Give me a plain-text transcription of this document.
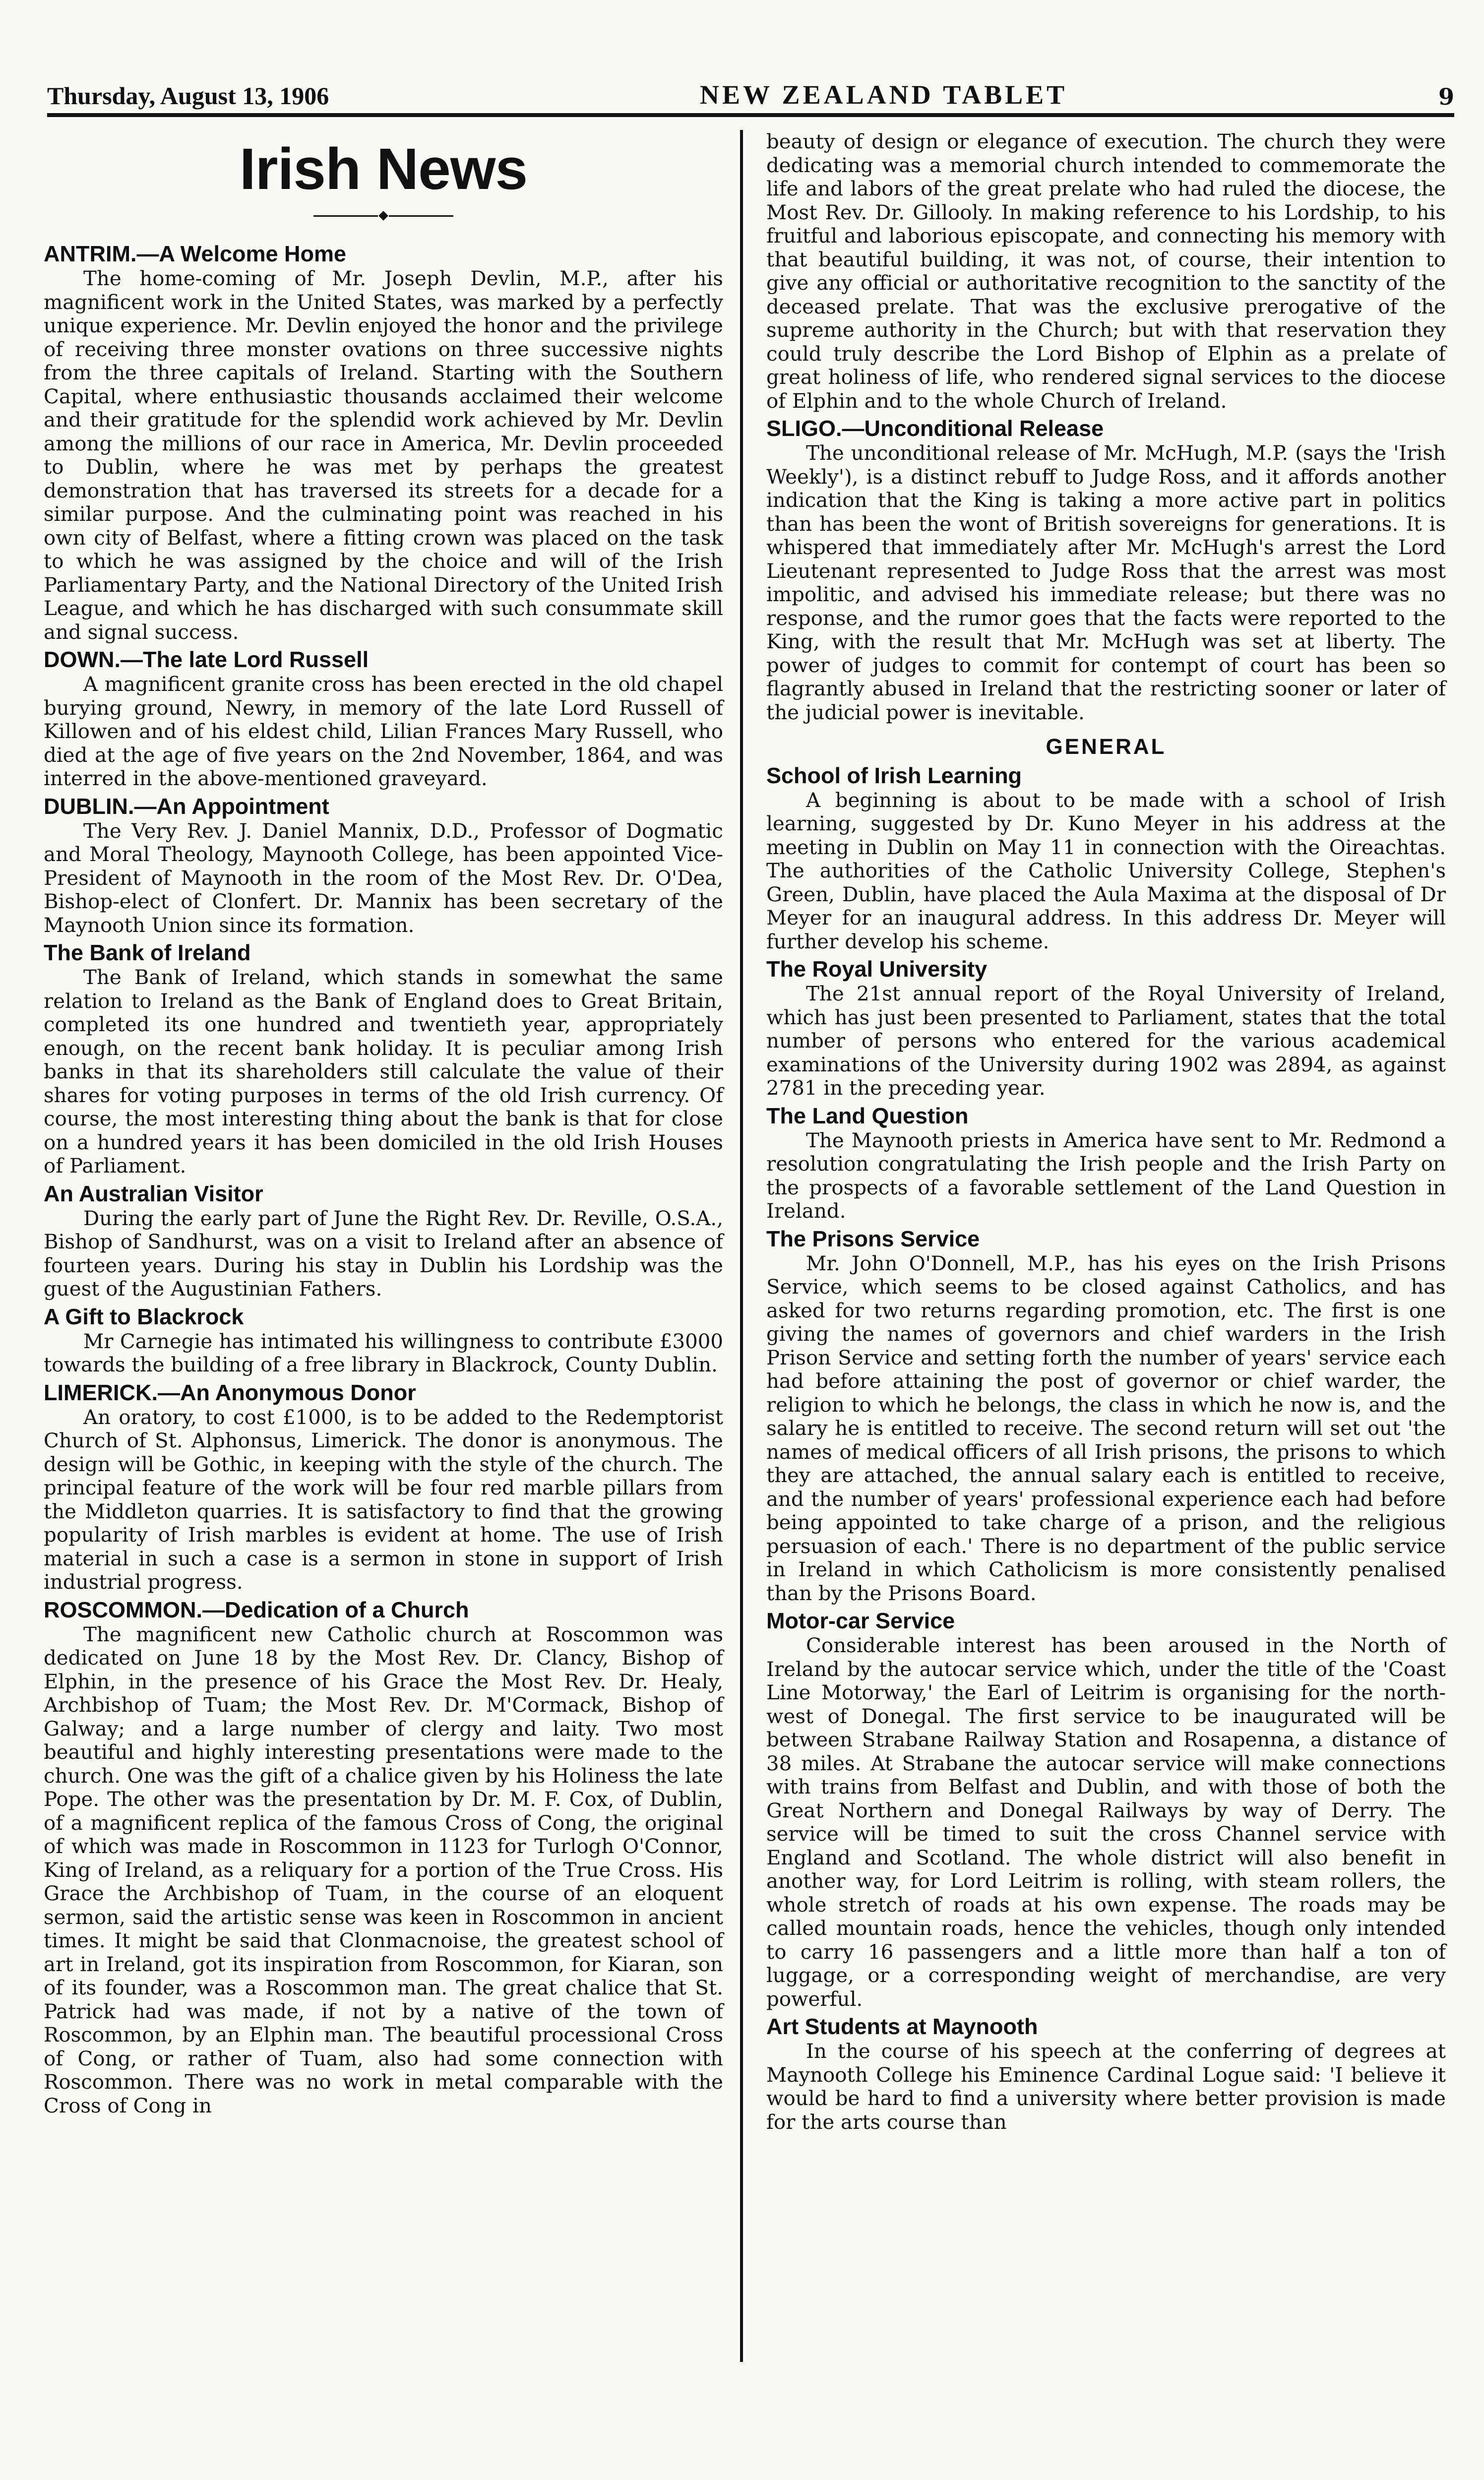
Thursday, August 13, 1906	NEW ZEALAND TABLET	9
Irish News
ANTRIM.—A Welcome Home

The home-coming of Mr. Joseph Devlin, M.P., after his magnificent work in the United States, was marked by a perfectly unique experience. Mr. Devlin enjoyed the honor and the privilege of receiving three monster ovations on three successive nights from the three capitals of Ireland. Starting with the Southern Capital, where enthusiastic thousands acclaimed their welcome and their gratitude for the splendid work achieved by Mr. Devlin among the millions of our race in America, Mr. Devlin proceeded to Dublin, where he was met by perhaps the greatest demonstration that has traversed its streets for a decade for a similar purpose. And the culminating point was reached in his own city of Belfast, where a fitting crown was placed on the task to which he was assigned by the choice and will of the Irish Parliamentary Party, and the National Directory of the United Irish League, and which he has discharged with such consummate skill and signal success.

DOWN.—The late Lord Russell

A magnificent granite cross has been erected in the old chapel burying ground, Newry, in memory of the late Lord Russell of Killowen and of his eldest child, Lilian Frances Mary Russell, who died at the age of five years on the 2nd November, 1864, and was interred in the above-mentioned graveyard.

DUBLIN.—An Appointment

The Very Rev. J. Daniel Mannix, D.D., Professor of Dogmatic and Moral Theology, Maynooth College, has been appointed Vice-President of Maynooth in the room of the Most Rev. Dr. O'Dea, Bishop-elect of Clonfert. Dr. Mannix has been secretary of the Maynooth Union since its formation.

The Bank of Ireland

The Bank of Ireland, which stands in somewhat the same relation to Ireland as the Bank of England does to Great Britain, completed its one hundred and twentieth year, appropriately enough, on the recent bank holiday. It is peculiar among Irish banks in that its shareholders still calculate the value of their shares for voting purposes in terms of the old Irish currency. Of course, the most interesting thing about the bank is that for close on a hundred years it has been domiciled in the old Irish Houses of Parliament.

An Australian Visitor

During the early part of June the Right Rev. Dr. Reville, O.S.A., Bishop of Sandhurst, was on a visit to Ireland after an absence of fourteen years. During his stay in Dublin his Lordship was the guest of the Augustinian Fathers.

A Gift to Blackrock

Mr Carnegie has intimated his willingness to contribute £3000 towards the building of a free library in Blackrock, County Dublin.

LIMERICK.—An Anonymous Donor

An oratory, to cost £1000, is to be added to the Redemptorist Church of St. Alphonsus, Limerick. The donor is anonymous. The design will be Gothic, in keeping with the style of the church. The principal feature of the work will be four red marble pillars from the Middleton quarries. It is satisfactory to find that the growing popularity of Irish marbles is evident at home. The use of Irish material in such a case is a sermon in stone in support of Irish industrial progress.

ROSCOMMON.—Dedication of a Church

The magnificent new Catholic church at Roscommon was dedicated on June 18 by the Most Rev. Dr. Clancy, Bishop of Elphin, in the presence of his Grace the Most Rev. Dr. Healy, Archbishop of Tuam; the Most Rev. Dr. M'Cormack, Bishop of Galway; and a large number of clergy and laity. Two most beautiful and highly interesting presentations were made to the church. One was the gift of a chalice given by his Holiness the late Pope. The other was the presentation by Dr. M. F. Cox, of Dublin, of a magnificent replica of the famous Cross of Cong, the original of which was made in Roscommon in 1123 for Turlogh O'Connor, King of Ireland, as a reliquary for a portion of the True Cross. His Grace the Archbishop of Tuam, in the course of an eloquent sermon, said the artistic sense was keen in Roscommon in ancient times. It might be said that Clonmacnoise, the greatest school of art in Ireland, got its inspiration from Roscommon, for Kiaran, son of its founder, was a Roscommon man. The great chalice that St. Patrick had was made, if not by a native of the town of Roscommon, by an Elphin man. The beautiful processional Cross of Cong, or rather of Tuam, also had some connection with Roscommon. There was no work in metal comparable with the Cross of Cong in

beauty of design or elegance of execution. The church they were dedicating was a memorial church intended to commemorate the life and labors of the great prelate who had ruled the diocese, the Most Rev. Dr. Gillooly. In making reference to his Lordship, to his fruitful and laborious episcopate, and connecting his memory with that beautiful building, it was not, of course, their intention to give any official or authoritative recognition to the sanctity of the deceased prelate. That was the exclusive prerogative of the supreme authority in the Church; but with that reservation they could truly describe the Lord Bishop of Elphin as a prelate of great holiness of life, who rendered signal services to the diocese of Elphin and to the whole Church of Ireland.

SLIGO.—Unconditional Release

The unconditional release of Mr. McHugh, M.P. (says the 'Irish Weekly'), is a distinct rebuff to Judge Ross, and it affords another indication that the King is taking a more active part in politics than has been the wont of British sovereigns for generations. It is whispered that immediately after Mr. McHugh's arrest the Lord Lieutenant represented to Judge Ross that the arrest was most impolitic, and advised his immediate release; but there was no response, and the rumor goes that the facts were reported to the King, with the result that Mr. McHugh was set at liberty. The power of judges to commit for contempt of court has been so flagrantly abused in Ireland that the restricting sooner or later of the judicial power is inevitable.

GENERAL
School of Irish Learning

A beginning is about to be made with a school of Irish learning, suggested by Dr. Kuno Meyer in his address at the meeting in Dublin on May 11 in connection with the Oireachtas. The authorities of the Catholic University College, Stephen's Green, Dublin, have placed the Aula Maxima at the disposal of Dr Meyer for an inaugural address. In this address Dr. Meyer will further develop his scheme.

The Royal University

The 21st annual report of the Royal University of Ireland, which has just been presented to Parliament, states that the total number of persons who entered for the various academical examinations of the University during 1902 was 2894, as against 2781 in the preceding year.

The Land Question

The Maynooth priests in America have sent to Mr. Redmond a resolution congratulating the Irish people and the Irish Party on the prospects of a favorable settlement of the Land Question in Ireland.

The Prisons Service

Mr. John O'Donnell, M.P., has his eyes on the Irish Prisons Service, which seems to be closed against Catholics, and has asked for two returns regarding promotion, etc. The first is one giving the names of governors and chief warders in the Irish Prison Service and setting forth the number of years' service each had before attaining the post of governor or chief warder, the religion to which he belongs, the class in which he now is, and the salary he is entitled to receive. The second return will set out 'the names of medical officers of all Irish prisons, the prisons to which they are attached, the annual salary each is entitled to receive, and the number of years' professional experience each had before being appointed to take charge of a prison, and the religious persuasion of each.' There is no department of the public service in Ireland in which Catholicism is more consistently penalised than by the Prisons Board.

Motor-car Service

Considerable interest has been aroused in the North of Ireland by the autocar service which, under the title of the 'Coast Line Motorway,' the Earl of Leitrim is organising for the north-west of Donegal. The first service to be inaugurated will be between Strabane Railway Station and Rosapenna, a distance of 38 miles. At Strabane the autocar service will make connections with trains from Belfast and Dublin, and with those of both the Great Northern and Donegal Railways by way of Derry. The service will be timed to suit the cross Channel service with England and Scotland. The whole district will also benefit in another way, for Lord Leitrim is rolling, with steam rollers, the whole stretch of roads at his own expense. The roads may be called mountain roads, hence the vehicles, though only intended to carry 16 passengers and a little more than half a ton of luggage, or a corresponding weight of merchandise, are very powerful.

Art Students at Maynooth

In the course of his speech at the conferring of degrees at Maynooth College his Eminence Cardinal Logue said: 'I believe it would be hard to find a university where better provision is made for the arts course than
